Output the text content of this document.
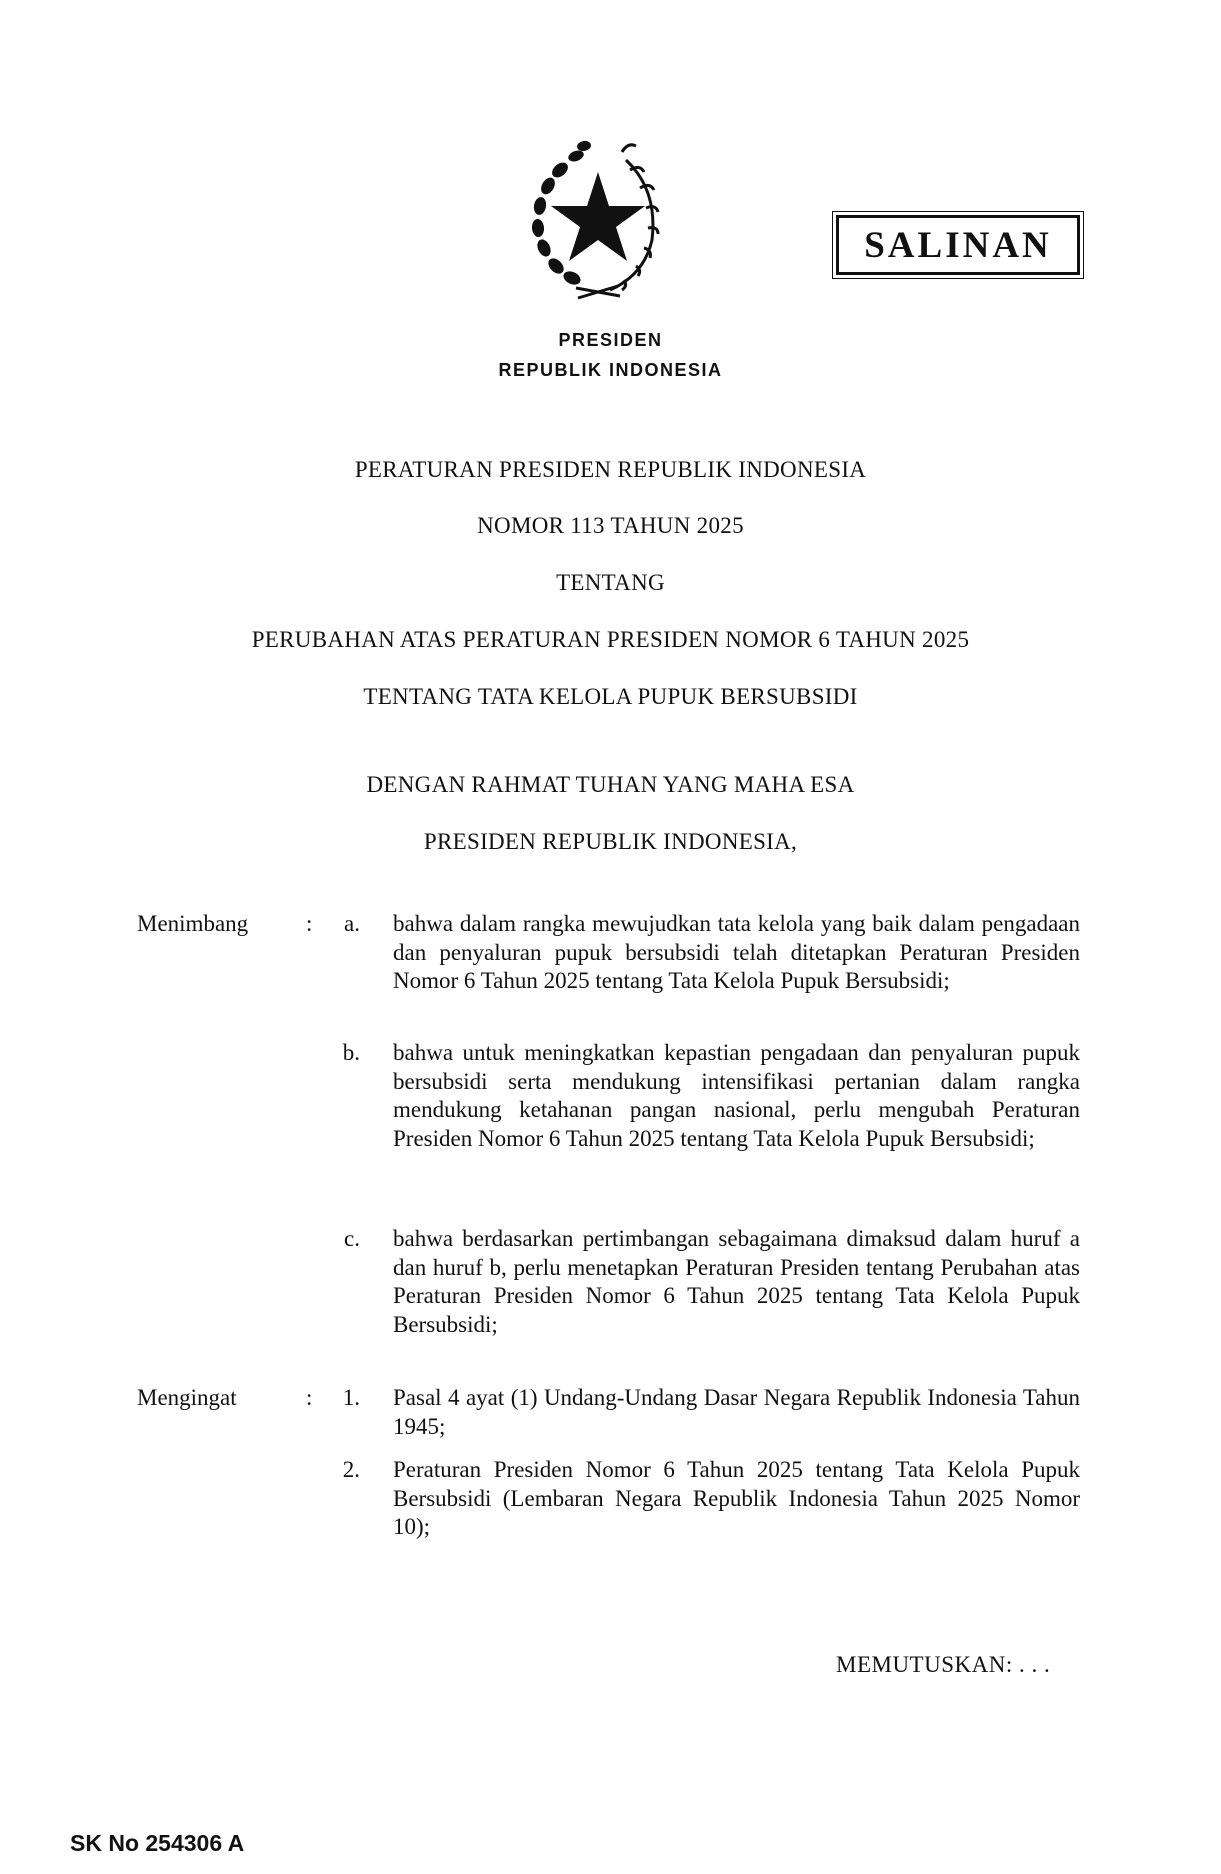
SALINAN
PRESIDEN
REPUBLIK INDONESIA
PERATURAN PRESIDEN REPUBLIK INDONESIA
NOMOR 113 TAHUN 2025
TENTANG
PERUBAHAN ATAS PERATURAN PRESIDEN NOMOR 6 TAHUN 2025
TENTANG TATA KELOLA PUPUK BERSUBSIDI
DENGAN RAHMAT TUHAN YANG MAHA ESA
PRESIDEN REPUBLIK INDONESIA,
Menimbang	:	a. bahwa dalam rangka mewujudkan tata kelola yang baik dalam pengadaan dan penyaluran pupuk bersubsidi telah ditetapkan Peraturan Presiden Nomor 6 Tahun 2025 tentang Tata Kelola Pupuk Bersubsidi;
b. bahwa untuk meningkatkan kepastian pengadaan dan penyaluran pupuk bersubsidi serta mendukung intensifikasi pertanian dalam rangka mendukung ketahanan pangan nasional, perlu mengubah Peraturan Presiden Nomor 6 Tahun 2025 tentang Tata Kelola Pupuk Bersubsidi;
c. bahwa berdasarkan pertimbangan sebagaimana dimaksud dalam huruf a dan huruf b, perlu menetapkan Peraturan Presiden tentang Perubahan atas Peraturan Presiden Nomor 6 Tahun 2025 tentang Tata Kelola Pupuk Bersubsidi;
Mengingat	:	1. Pasal 4 ayat (1) Undang-Undang Dasar Negara Republik Indonesia Tahun 1945;
2. Peraturan Presiden Nomor 6 Tahun 2025 tentang Tata Kelola Pupuk Bersubsidi (Lembaran Negara Republik Indonesia Tahun 2025 Nomor 10);
MEMUTUSKAN: . . .
SK No 254306 A
